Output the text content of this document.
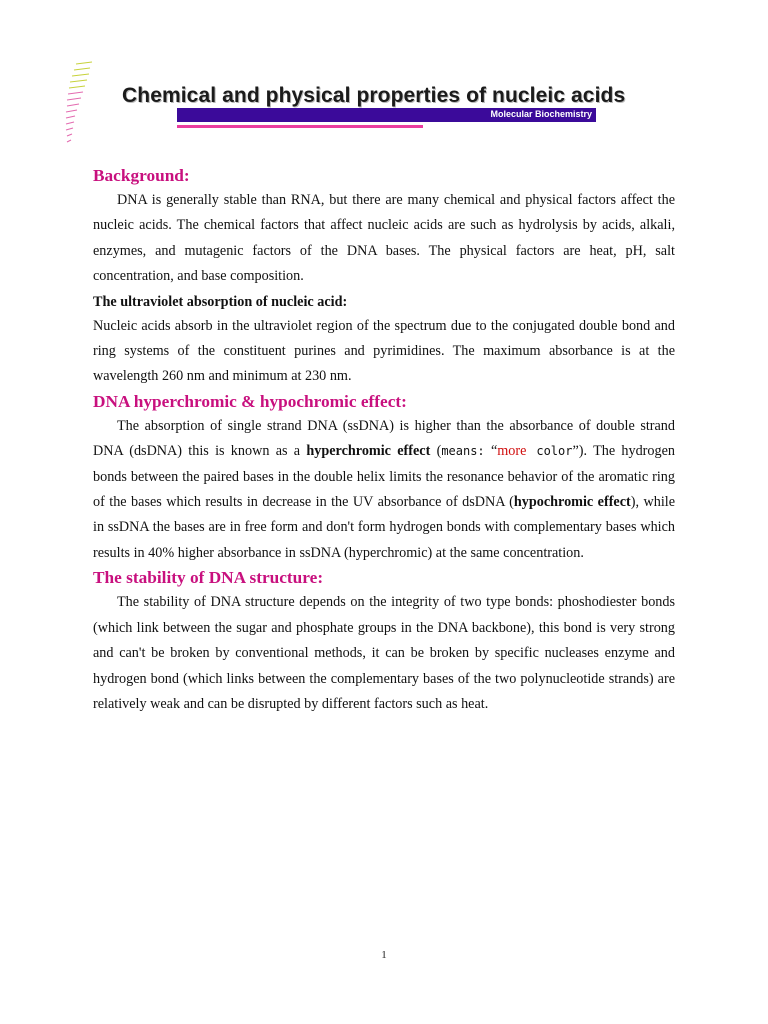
Chemical and physical properties of nucleic acids
Molecular Biochemistry
Background:

DNA is generally stable than RNA, but there are many chemical and physical factors affect the nucleic acids. The chemical factors that affect nucleic acids are such as hydrolysis by acids, alkali, enzymes, and mutagenic factors of the DNA bases. The physical factors are heat, pH, salt concentration, and base composition.

The ultraviolet absorption of nucleic acid:

Nucleic acids absorb in the ultraviolet region of the spectrum due to the conjugated double bond and ring systems of the constituent purines and pyrimidines. The maximum absorbance is at the wavelength 260 nm and minimum at 230 nm.

DNA hyperchromic & hypochromic effect:

The absorption of single strand DNA (ssDNA) is higher than the absorbance of double strand DNA (dsDNA) this is known as a hyperchromic effect (means: “more color”). The hydrogen bonds between the paired bases in the double helix limits the resonance behavior of the aromatic ring of the bases which results in decrease in the UV absorbance of dsDNA (hypochromic effect), while in ssDNA the bases are in free form and don't form hydrogen bonds with complementary bases which results in 40% higher absorbance in ssDNA (hyperchromic) at the same concentration.

The stability of DNA structure:

The stability of DNA structure depends on the integrity of two type bonds: phoshodiester bonds (which link between the sugar and phosphate groups in the DNA backbone), this bond is very strong and can't be broken by conventional methods, it can be broken by specific nucleases enzyme and hydrogen bond (which links between the complementary bases of the two polynucleotide strands) are relatively weak and can be disrupted by different factors such as heat.

1
